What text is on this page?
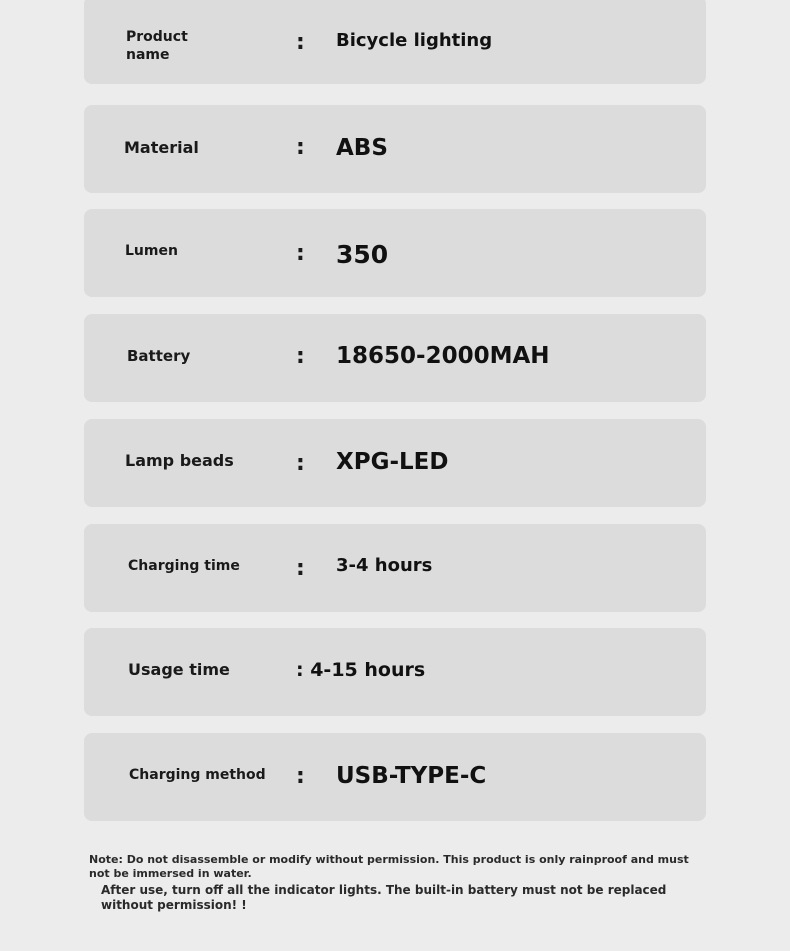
Product
name	: Bicycle lighting
Material	: ABS
Lumen	: 350
Battery	: 18650-2000MAH
Lamp beads	: XPG-LED
Charging time	: 3-4 hours
Usage time	: 4-15 hours
Charging method : USB-TYPE-C
Note: Do not disassemble or modify without permission. This product is only rainproof and must not be immersed in water.
After use, turn off all the indicator lights. The built-in battery must not be replaced without permission! !
